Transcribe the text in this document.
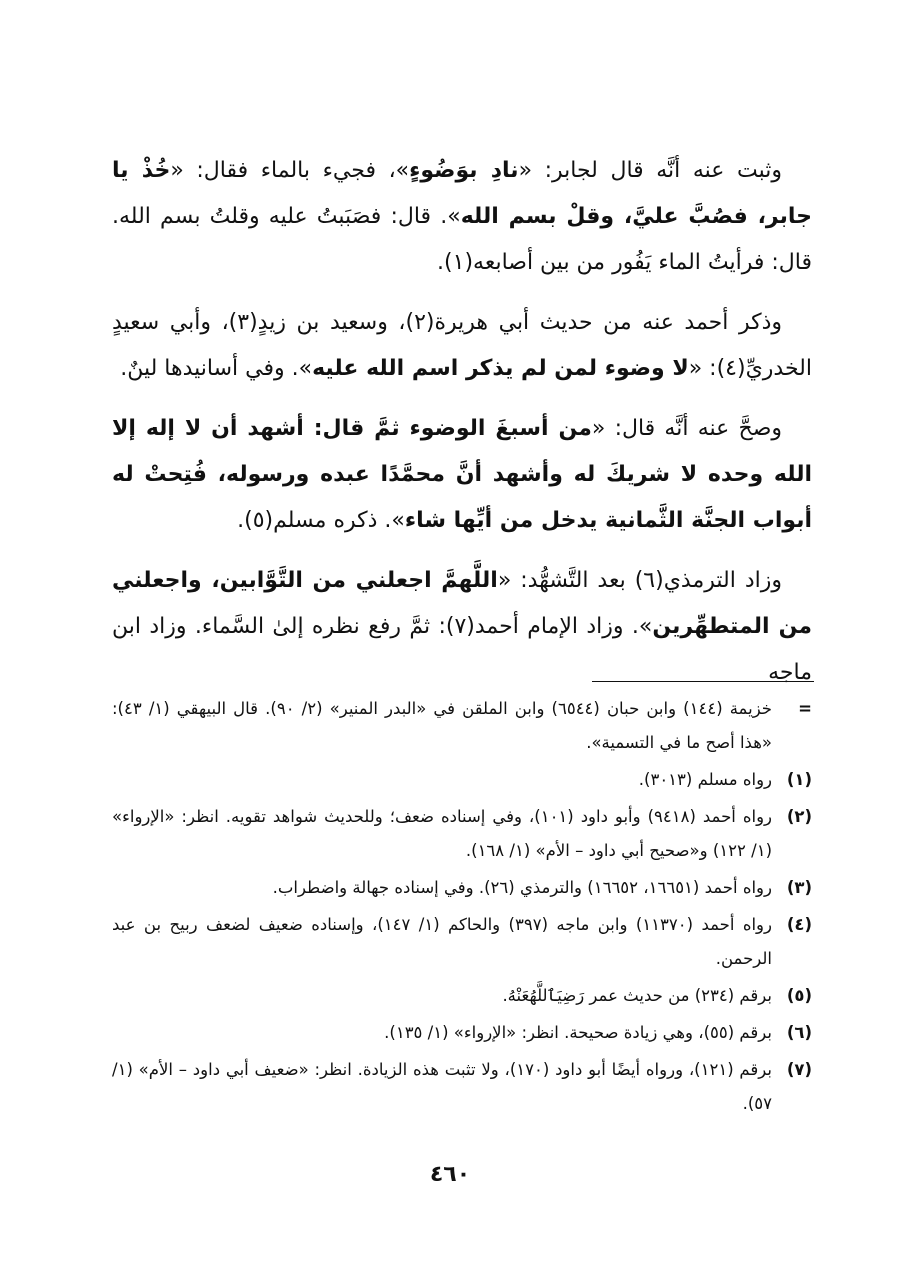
وثبت عنه أنَّه قال لجابر: «نادِ بوَضُوءٍ»، فجيء بالماء فقال: «خُذْ يا جابر، فصُبَّ عليَّ، وقلْ بسم الله». قال: فصَبَبتُ عليه وقلتُ بسم الله. قال: فرأيتُ الماء يَفُور من بين أصابعه(١).

وذكر أحمد عنه من حديث أبي هريرة(٢)، وسعيد بن زيدٍ(٣)، وأبي سعيدٍ الخدريِّ(٤): «لا وضوء لمن لم يذكر اسم الله عليه». وفي أسانيدها لينٌ.

وصحَّ عنه أنَّه قال: «من أسبغَ الوضوء ثمَّ قال: أشهد أن لا إله إلا الله وحده لا شريكَ له وأشهد أنَّ محمَّدًا عبده ورسوله، فُتِحتْ له أبواب الجنَّة الثَّمانية يدخل من أيِّها شاء». ذكره مسلم(٥).

وزاد الترمذي(٦) بعد التَّشهُّد: «اللَّهمَّ اجعلني من التَّوَّابين، واجعلني من المتطهِّرين». وزاد الإمام أحمد(٧): ثمَّ رفع نظره إلىٰ السَّماء. وزاد ابن ماجه

=
خزيمة (١٤٤) وابن حبان (٦٥٤٤) وابن الملقن في «البدر المنير» (٢/ ٩٠). قال البيهقي (١/ ٤٣): «هذا أصح ما في التسمية».
(١)
رواه مسلم (٣٠١٣).
(٢)
رواه أحمد (٩٤١٨) وأبو داود (١٠١)، وفي إسناده ضعف؛ وللحديث شواهد تقويه. انظر: «الإرواء» (١/ ١٢٢) و«صحيح أبي داود – الأم» (١/ ١٦٨).
(٣)
رواه أحمد (١٦٦٥١، ١٦٦٥٢) والترمذي (٢٦). وفي إسناده جهالة واضطراب.
(٤)
رواه أحمد (١١٣٧٠) وابن ماجه (٣٩٧) والحاكم (١/ ١٤٧)، وإسناده ضعيف لضعف ربيح بن عبد الرحمن.
(٥)
برقم (٢٣٤) من حديث عمر رَضِيَٱللَّهُعَنْهُ.
(٦)
برقم (٥٥)، وهي زيادة صحيحة. انظر: «الإرواء» (١/ ١٣٥).
(٧)
برقم (١٢١)، ورواه أيضًا أبو داود (١٧٠)، ولا تثبت هذه الزيادة. انظر: «ضعيف أبي داود – الأم» (١/ ٥٧).
٤٦٠
